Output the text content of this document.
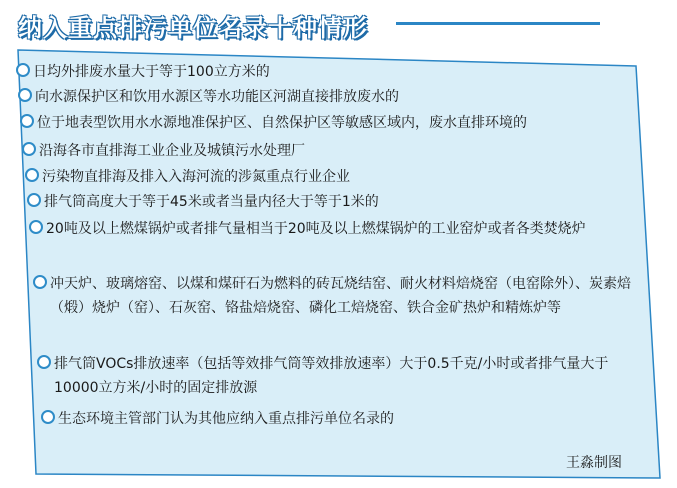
纳入重点排污单位名录十种情形
日均外排废水量大于等于100立方米的
向水源保护区和饮用水源区等水功能区河湖直接排放废水的
位于地表型饮用水水源地准保护区、自然保护区等敏感区域内，废水直排环境的
沿海各市直排海工业企业及城镇污水处理厂
污染物直排海及排入入海河流的涉氮重点行业企业
排气筒高度大于等于45米或者当量内径大于等于1米的
20吨及以上燃煤锅炉或者排气量相当于20吨及以上燃煤锅炉的工业窑炉或者各类焚烧炉
冲天炉、玻璃熔窑、以煤和煤矸石为燃料的砖瓦烧结窑、耐火材料焙烧窑（电窑除外）、炭素焙（煅）烧炉（窑）、石灰窑、铬盐焙烧窑、磷化工焙烧窑、铁合金矿热炉和精炼炉等
排气筒VOCs排放速率（包括等效排气筒等效排放速率）大于0.5千克/小时或者排气量大于10000立方米/小时的固定排放源
生态环境主管部门认为其他应纳入重点排污单位名录的
王淼制图
